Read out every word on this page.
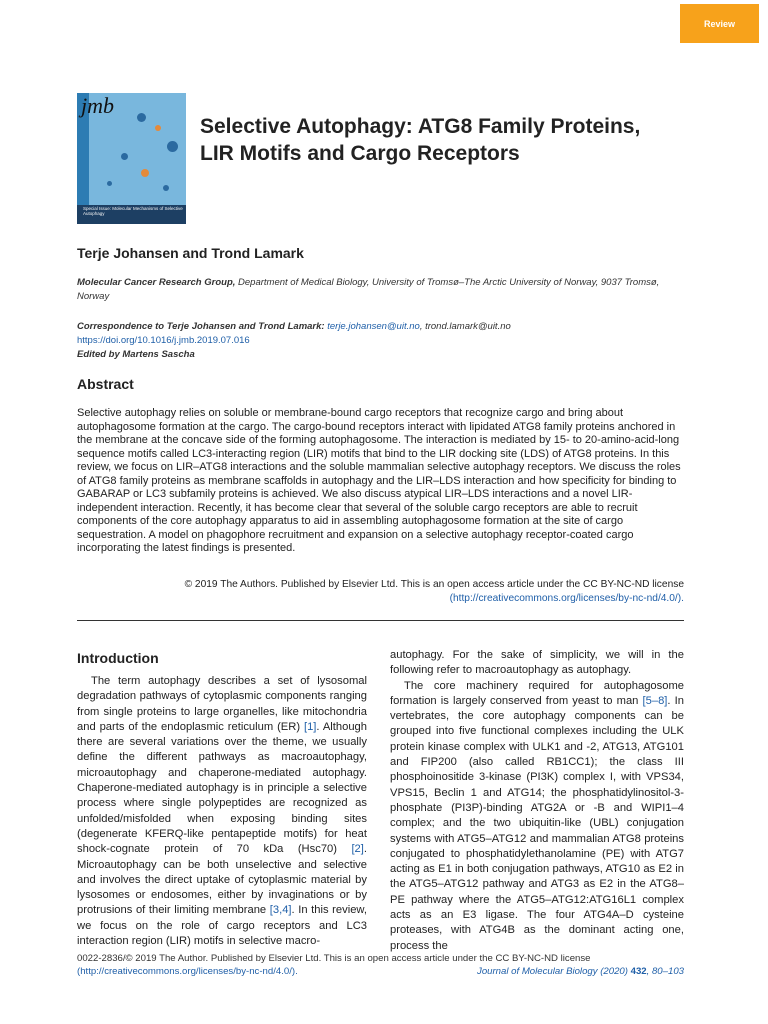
Review
jmb
Special Issue: Molecular Mechanisms of Selective Autophagy
Selective Autophagy: ATG8 Family Proteins,
LIR Motifs and Cargo Receptors
Terje Johansen and Trond Lamark
Molecular Cancer Research Group, Department of Medical Biology, University of Tromsø–The Arctic University of Norway, 9037 Tromsø, Norway
Correspondence to Terje Johansen and Trond Lamark: terje.johansen@uit.no, trond.lamark@uit.no
https://doi.org/10.1016/j.jmb.2019.07.016
Edited by Martens Sascha
Abstract
Selective autophagy relies on soluble or membrane-bound cargo receptors that recognize cargo and bring about autophagosome formation at the cargo. The cargo-bound receptors interact with lipidated ATG8 family proteins anchored in the membrane at the concave side of the forming autophagosome. The interaction is mediated by 15- to 20-amino-acid-long sequence motifs called LC3-interacting region (LIR) motifs that bind to the LIR docking site (LDS) of ATG8 proteins. In this review, we focus on LIR–ATG8 interactions and the soluble mammalian selective autophagy receptors. We discuss the roles of ATG8 family proteins as membrane scaffolds in autophagy and the LIR–LDS interaction and how specificity for binding to GABARAP or LC3 subfamily proteins is achieved. We also discuss atypical LIR–LDS interactions and a novel LIR-independent interaction. Recently, it has become clear that several of the soluble cargo receptors are able to recruit components of the core autophagy apparatus to aid in assembling autophagosome formation at the site of cargo sequestration. A model on phagophore recruitment and expansion on a selective autophagy receptor-coated cargo incorporating the latest findings is presented.
© 2019 The Authors. Published by Elsevier Ltd. This is an open access article under the CC BY-NC-ND license
(http://creativecommons.org/licenses/by-nc-nd/4.0/).
Introduction

The term autophagy describes a set of lysosomal degradation pathways of cytoplasmic components ranging from single proteins to large organelles, like mitochondria and parts of the endoplasmic reticulum (ER) [1]. Although there are several variations over the theme, we usually define the different pathways as macroautophagy, microautophagy and chaperone-mediated autophagy. Chaperone-mediated autophagy is in principle a selective process where single polypeptides are recognized as unfolded/misfolded when exposing binding sites (degenerate KFERQ-like pentapeptide motifs) for heat shock-cognate protein of 70 kDa (Hsc70) [2]. Microautophagy can be both unselective and selective and involves the direct uptake of cytoplasmic material by lysosomes or endosomes, either by invaginations or by protrusions of their limiting membrane [3,4]. In this review, we focus on the role of cargo receptors and LC3 interaction region (LIR) motifs in selective macro-

autophagy. For the sake of simplicity, we will in the following refer to macroautophagy as autophagy.

The core machinery required for autophagosome formation is largely conserved from yeast to man [5–8]. In vertebrates, the core autophagy components can be grouped into five functional complexes including the ULK protein kinase complex with ULK1 and -2, ATG13, ATG101 and FIP200 (also called RB1CC1); the class III phosphoinositide 3-kinase (PI3K) complex I, with VPS34, VPS15, Beclin 1 and ATG14; the phosphatidylinositol-3-phosphate (PI3P)-binding ATG2A or -B and WIPI1–4 complex; and the two ubiquitin-like (UBL) conjugation systems with ATG5–ATG12 and mammalian ATG8 proteins conjugated to phosphatidylethanolamine (PE) with ATG7 acting as E1 in both conjugation pathways, ATG10 as E2 in the ATG5–ATG12 pathway and ATG3 as E2 in the ATG8–PE pathway where the ATG5–ATG12:ATG16L1 complex acts as an E3 ligase. The four ATG4A–D cysteine proteases, with ATG4B as the dominant acting one, process the

0022-2836/© 2019 The Author. Published by Elsevier Ltd. This is an open access article under the CC BY-NC-ND license
(http://creativecommons.org/licenses/by-nc-nd/4.0/).	Journal of Molecular Biology (2020) 432, 80–103
